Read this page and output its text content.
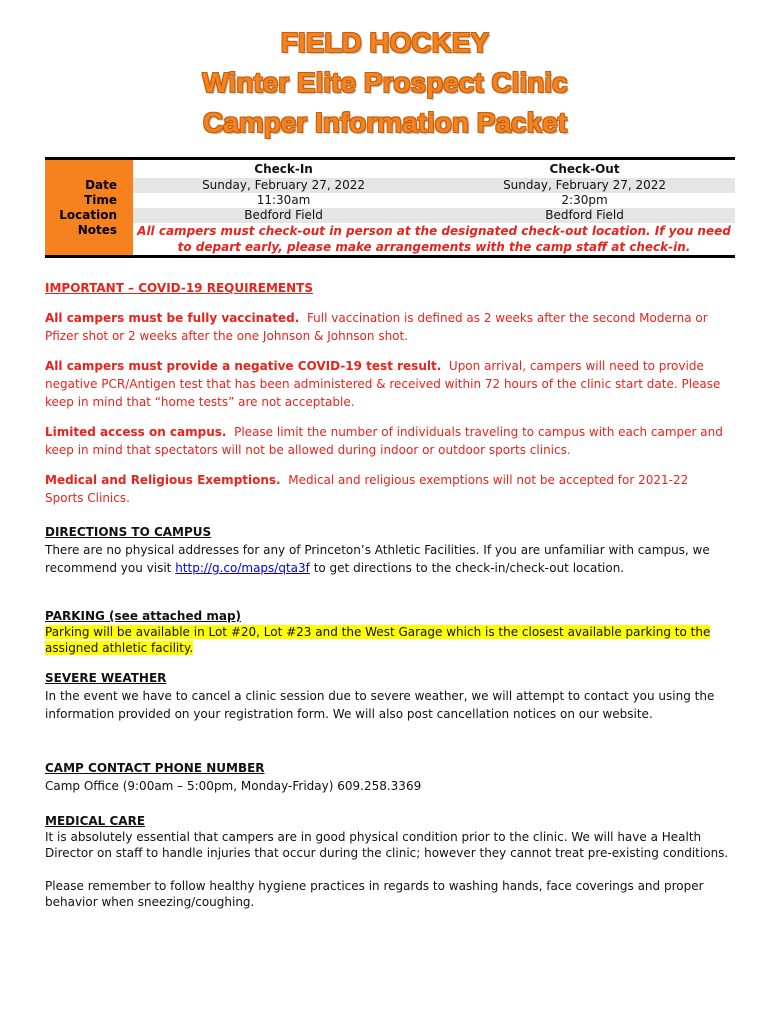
FIELD HOCKEY
Winter Elite Prospect Clinic
Camper Information Packet
	Check-In	Check-Out
Date	Sunday, February 27, 2022	Sunday, February 27, 2022
Time	11:30am	2:30pm
Location	Bedford Field	Bedford Field
Notes	All campers must check-out in person at the designated check-out location. If you need to depart early, please make arrangements with the camp staff at check-in.	

IMPORTANT – COVID-19 REQUIREMENTS

All campers must be fully vaccinated. Full vaccination is defined as 2 weeks after the second Moderna or Pfizer shot or 2 weeks after the one Johnson & Johnson shot.

All campers must provide a negative COVID-19 test result. Upon arrival, campers will need to provide negative PCR/Antigen test that has been administered & received within 72 hours of the clinic start date. Please keep in mind that “home tests” are not acceptable.

Limited access on campus. Please limit the number of individuals traveling to campus with each camper and keep in mind that spectators will not be allowed during indoor or outdoor sports clinics.

Medical and Religious Exemptions. Medical and religious exemptions will not be accepted for 2021-22 Sports Clinics.

DIRECTIONS TO CAMPUS

There are no physical addresses for any of Princeton’s Athletic Facilities. If you are unfamiliar with campus, we recommend you visit http://g.co/maps/qta3f to get directions to the check-in/check-out location.

PARKING (see attached map)

Parking will be available in Lot #20, Lot #23 and the West Garage which is the closest available parking to the assigned athletic facility.

SEVERE WEATHER

In the event we have to cancel a clinic session due to severe weather, we will attempt to contact you using the information provided on your registration form. We will also post cancellation notices on our website.

CAMP CONTACT PHONE NUMBER

Camp Office (9:00am – 5:00pm, Monday-Friday) 609.258.3369

MEDICAL CARE

It is absolutely essential that campers are in good physical condition prior to the clinic. We will have a Health Director on staff to handle injuries that occur during the clinic; however they cannot treat pre-existing conditions.

Please remember to follow healthy hygiene practices in regards to washing hands, face coverings and proper behavior when sneezing/coughing.
